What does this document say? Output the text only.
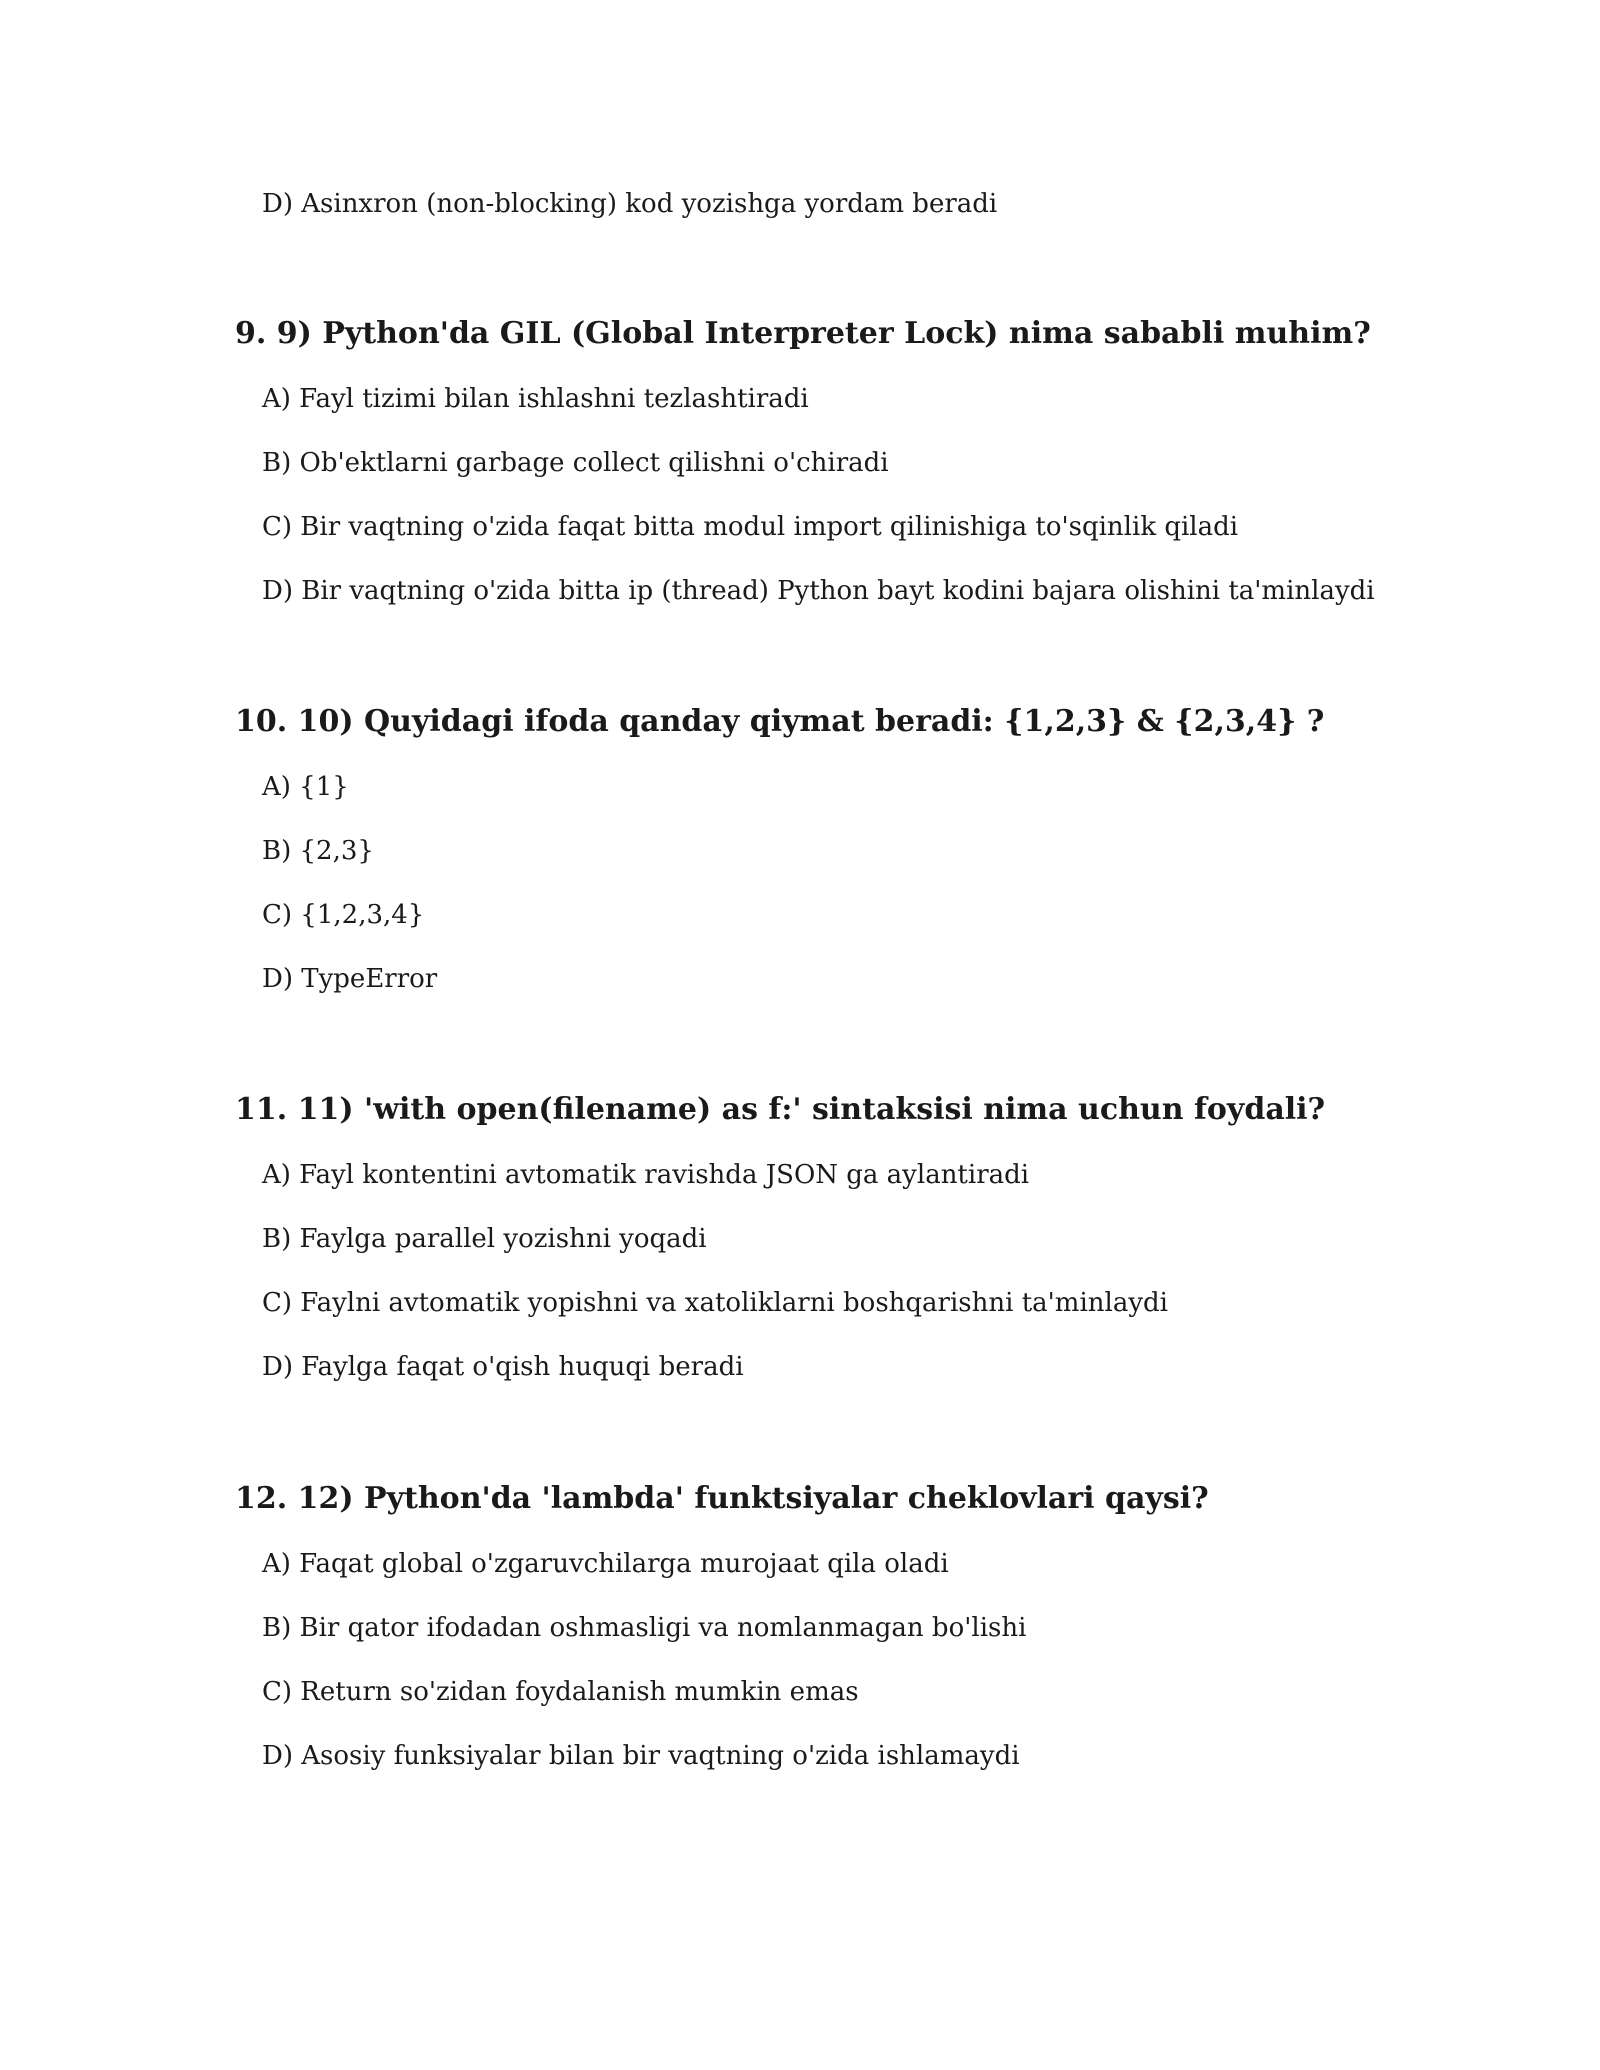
D) Asinxron (non-blocking) kod yozishga yordam beradi
9. 9) Python'da GIL (Global Interpreter Lock) nima sababli muhim?
A) Fayl tizimi bilan ishlashni tezlashtiradi
B) Ob'ektlarni garbage collect qilishni o'chiradi
C) Bir vaqtning o'zida faqat bitta modul import qilinishiga to'sqinlik qiladi
D) Bir vaqtning o'zida bitta ip (thread) Python bayt kodini bajara olishini ta'minlaydi
10. 10) Quyidagi ifoda qanday qiymat beradi: {1,2,3} & {2,3,4} ?
A) {1}
B) {2,3}
C) {1,2,3,4}
D) TypeError
11. 11) 'with open(filename) as f:' sintaksisi nima uchun foydali?
A) Fayl kontentini avtomatik ravishda JSON ga aylantiradi
B) Faylga parallel yozishni yoqadi
C) Faylni avtomatik yopishni va xatoliklarni boshqarishni ta'minlaydi
D) Faylga faqat o'qish huquqi beradi
12. 12) Python'da 'lambda' funktsiyalar cheklovlari qaysi?
A) Faqat global o'zgaruvchilarga murojaat qila oladi
B) Bir qator ifodadan oshmasligi va nomlanmagan bo'lishi
C) Return so'zidan foydalanish mumkin emas
D) Asosiy funksiyalar bilan bir vaqtning o'zida ishlamaydi
